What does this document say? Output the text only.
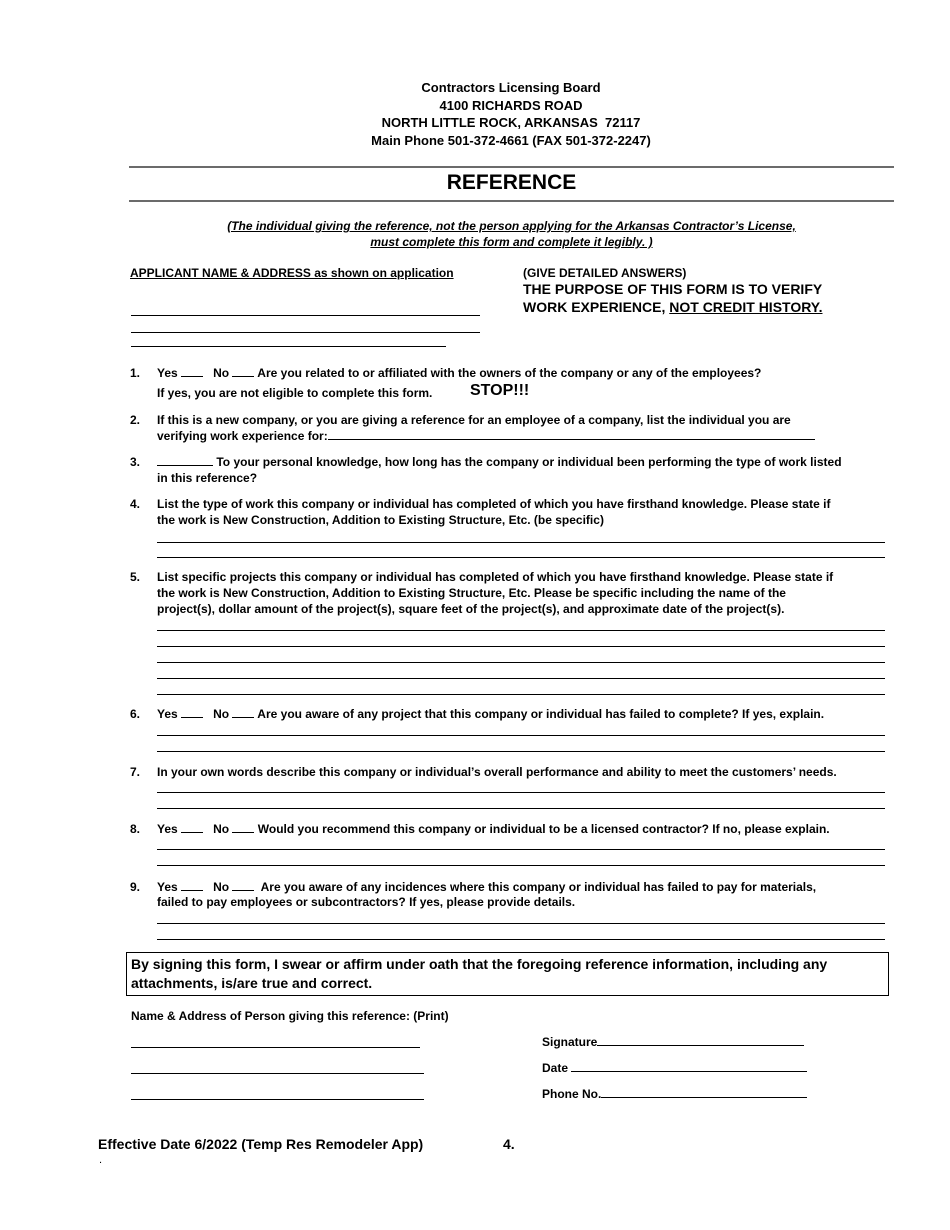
Contractors Licensing Board
4100 RICHARDS ROAD
NORTH LITTLE ROCK, ARKANSAS  72117
Main Phone 501-372-4661 (FAX 501-372-2247)
REFERENCE
(The individual giving the reference, not the person applying for the Arkansas Contractor’s License,
must complete this form and complete it legibly. )
APPLICANT NAME & ADDRESS as shown on application	(GIVE DETAILED ANSWERS)
THE PURPOSE OF THIS FORM IS TO VERIFY
WORK EXPERIENCE, NOT CREDIT HISTORY.
1. Yes	No Are you related to or affiliated with the owners of the company or any of the employees?
If yes, you are not eligible to complete this form. STOP!!!
2. If this is a new company, or you are giving a reference for an employee of a company, list the individual you are
verifying work experience for:
3.	To your personal knowledge, how long has the company or individual been performing the type of work listed
in this reference?
4. List the type of work this company or individual has completed of which you have firsthand knowledge. Please state if
the work is New Construction, Addition to Existing Structure, Etc. (be specific)
5. List specific projects this company or individual has completed of which you have firsthand knowledge. Please state if
the work is New Construction, Addition to Existing Structure, Etc. Please be specific including the name of the
project(s), dollar amount of the project(s), square feet of the project(s), and approximate date of the project(s).
6. Yes	No Are you aware of any project that this company or individual has failed to complete? If yes, explain.
7. In your own words describe this company or individual’s overall performance and ability to meet the customers’ needs.
8. Yes	No Would you recommend this company or individual to be a licensed contractor? If no, please explain.
9. Yes	No	Are you aware of any incidences where this company or individual has failed to pay for materials,
failed to pay employees or subcontractors? If yes, please provide details.
By signing this form, I swear or affirm under oath that the foregoing reference information, including any
attachments, is/are true and correct.
Name & Address of Person giving this reference: (Print)
Signature
Date
Phone No.
Effective Date 6/2022 (Temp Res Remodeler App)	4.
.
